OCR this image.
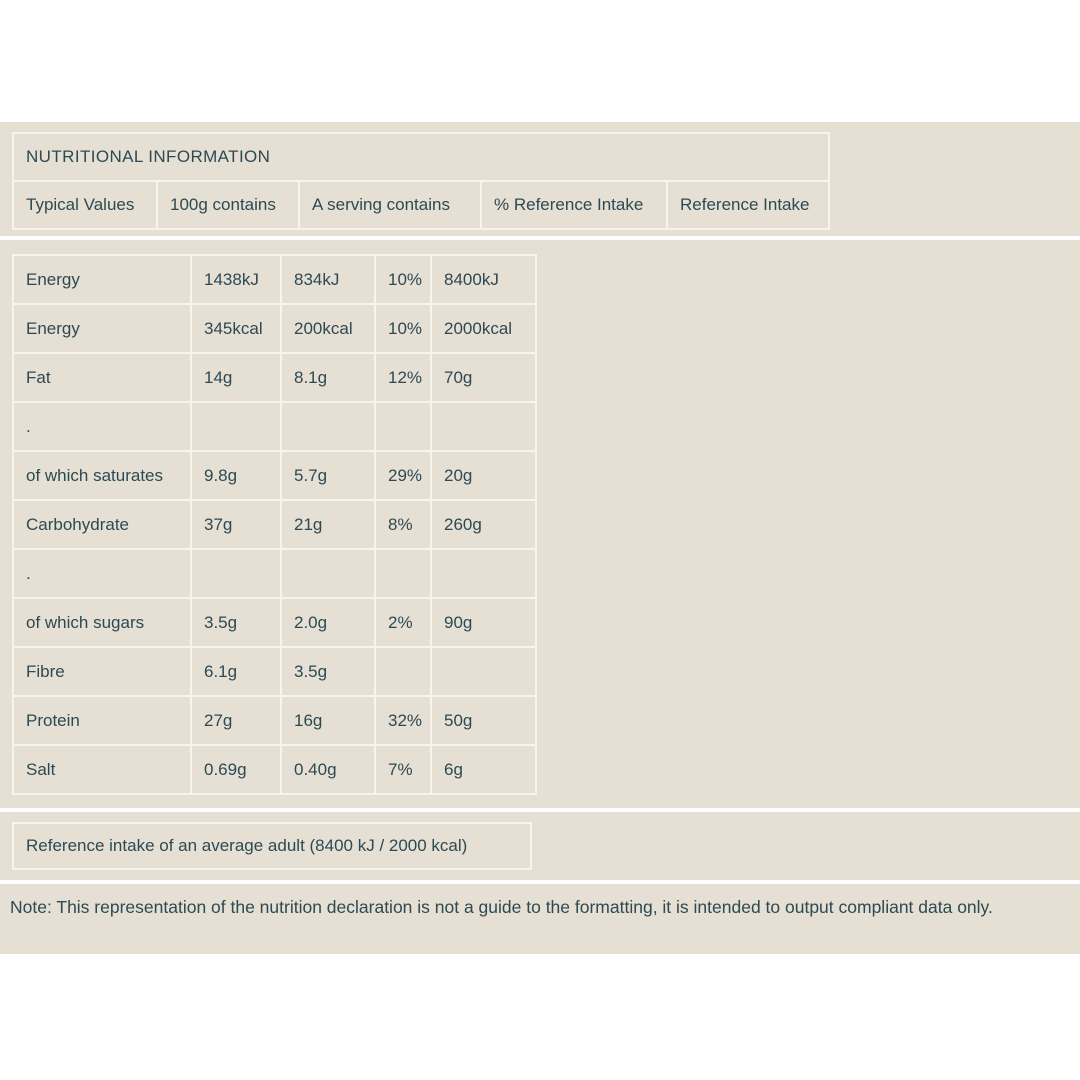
NUTRITIONAL INFORMATION
Typical Values	100g contains	A serving contains	% Reference Intake	Reference Intake
Energy	1438kJ	834kJ	10%	8400kJ
Energy	345kcal	200kcal	10%	2000kcal
Fat	14g	8.1g	12%	70g
.				
of which saturates	9.8g	5.7g	29%	20g
Carbohydrate	37g	21g	8%	260g
.				
of which sugars	3.5g	2.0g	2%	90g
Fibre	6.1g	3.5g		
Protein	27g	16g	32%	50g
Salt	0.69g	0.40g	7%	6g
Reference intake of an average adult (8400 kJ / 2000 kcal)

Note: This representation of the nutrition declaration is not a guide to the formatting, it is intended to output compliant data only.
